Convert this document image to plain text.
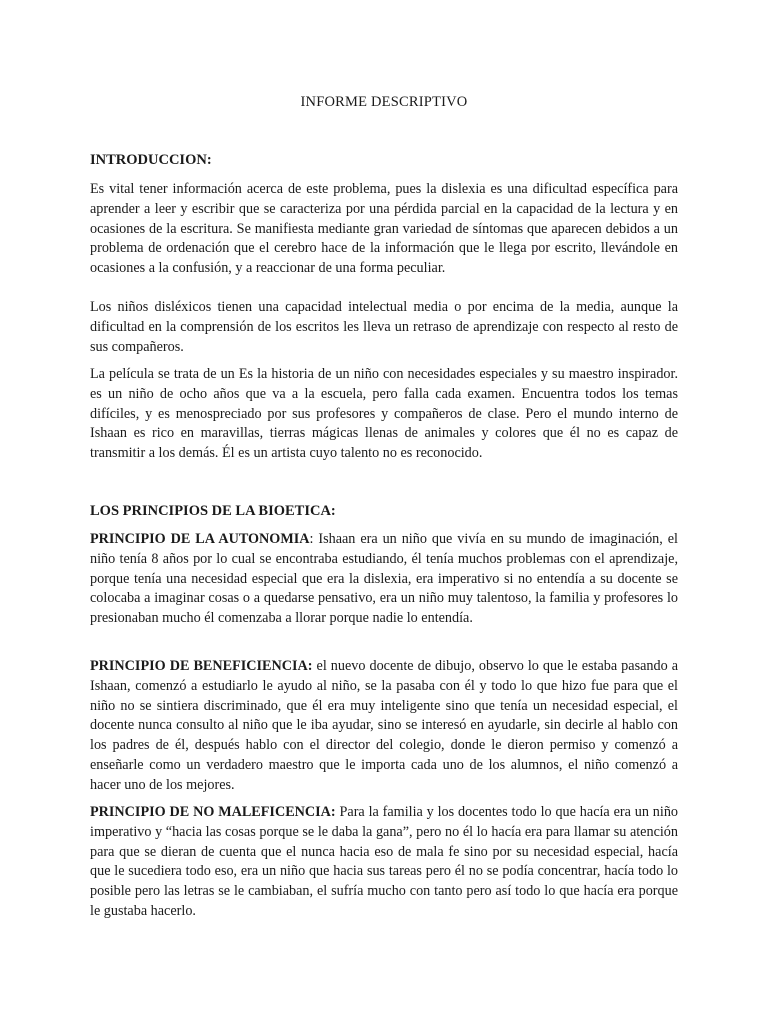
INFORME DESCRIPTIVO
INTRODUCCION:
Es vital tener información acerca de este problema, pues la dislexia es una dificultad específica para aprender a leer y escribir que se caracteriza por una pérdida parcial en la capacidad de la lectura y en ocasiones de la escritura. Se manifiesta mediante gran variedad de síntomas que aparecen debidos a un problema de ordenación que el cerebro hace de la información que le llega por escrito, llevándole en ocasiones a la confusión, y a reaccionar de una forma peculiar.
Los niños disléxicos tienen una capacidad intelectual media o por encima de la media, aunque la dificultad en la comprensión de los escritos les lleva un retraso de aprendizaje con respecto al resto de sus compañeros.
La película se trata de un Es la historia de un niño con necesidades especiales y su maestro inspirador. es un niño de ocho años que va a la escuela, pero falla cada examen. Encuentra todos los temas difíciles, y es menospreciado por sus profesores y compañeros de clase. Pero el mundo interno de Ishaan es rico en maravillas, tierras mágicas llenas de animales y colores que él no es capaz de transmitir a los demás. Él es un artista cuyo talento no es reconocido.
LOS PRINCIPIOS DE LA BIOETICA:
PRINCIPIO DE LA AUTONOMIA: Ishaan era un niño que vivía en su mundo de imaginación, el niño tenía 8 años por lo cual se encontraba estudiando, él tenía muchos problemas con el aprendizaje, porque tenía una necesidad especial que era la dislexia, era imperativo si no entendía a su docente se colocaba a imaginar cosas o a quedarse pensativo, era un niño muy talentoso, la familia y profesores lo presionaban mucho él comenzaba a llorar porque nadie lo entendía.
PRINCIPIO DE BENEFICIENCIA: el nuevo docente de dibujo, observo lo que le estaba pasando a Ishaan, comenzó a estudiarlo le ayudo al niño, se la pasaba con él y todo lo que hizo fue para que el niño no se sintiera discriminado, que él era muy inteligente sino que tenía un necesidad especial, el docente nunca consulto al niño que le iba ayudar, sino se interesó en ayudarle, sin decirle al hablo con los padres de él, después hablo con el director del colegio, donde le dieron permiso y comenzó a enseñarle como un verdadero maestro que le importa cada uno de los alumnos, el niño comenzó a hacer uno de los mejores.
PRINCIPIO DE NO MALEFICENCIA: Para la familia y los docentes todo lo que hacía era un niño imperativo y “hacia las cosas porque se le daba la gana”, pero no él lo hacía era para llamar su atención para que se dieran de cuenta que el nunca hacia eso de mala fe sino por su necesidad especial, hacía que le sucediera todo eso, era un niño que hacia sus tareas pero él no se podía concentrar, hacía todo lo posible pero las letras se le cambiaban, el sufría mucho con tanto pero así todo lo que hacía era porque le gustaba hacerlo.
